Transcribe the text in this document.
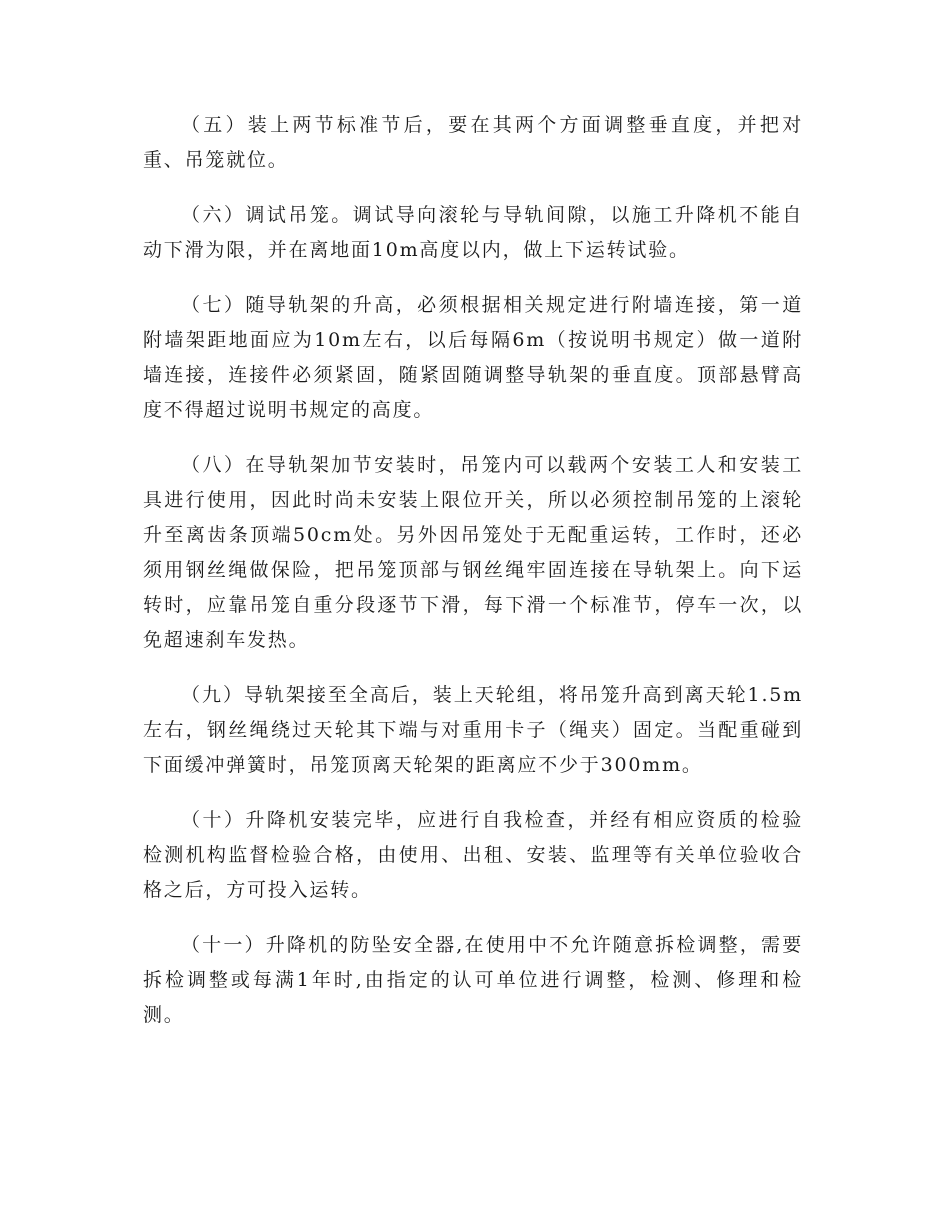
（五）装上两节标准节后，要在其两个方面调整垂直度，并把对重、吊笼就位。

（六）调试吊笼。调试导向滚轮与导轨间隙，以施工升降机不能自动下滑为限，并在离地面10m高度以内，做上下运转试验。

（七）随导轨架的升高，必须根据相关规定进行附墙连接，第一道附墙架距地面应为10m左右，以后每隔6m（按说明书规定）做一道附墙连接，连接件必须紧固，随紧固随调整导轨架的垂直度。顶部悬臂高度不得超过说明书规定的高度。

（八）在导轨架加节安装时，吊笼内可以载两个安装工人和安装工具进行使用，因此时尚未安装上限位开关，所以必须控制吊笼的上滚轮升至离齿条顶端50cm处。另外因吊笼处于无配重运转，工作时，还必须用钢丝绳做保险，把吊笼顶部与钢丝绳牢固连接在导轨架上。向下运转时，应靠吊笼自重分段逐节下滑，每下滑一个标准节，停车一次，以免超速刹车发热。

（九）导轨架接至全高后，装上天轮组，将吊笼升高到离天轮1.5m左右，钢丝绳绕过天轮其下端与对重用卡子（绳夹）固定。当配重碰到下面缓冲弹簧时，吊笼顶离天轮架的距离应不少于300mm。

（十）升降机安装完毕，应进行自我检查，并经有相应资质的检验检测机构监督检验合格，由使用、出租、安装、监理等有关单位验收合格之后，方可投入运转。

（十一）升降机的防坠安全器,在使用中不允许随意拆检调整，需要拆检调整或每满1年时,由指定的认可单位进行调整，检测、修理和检测。
